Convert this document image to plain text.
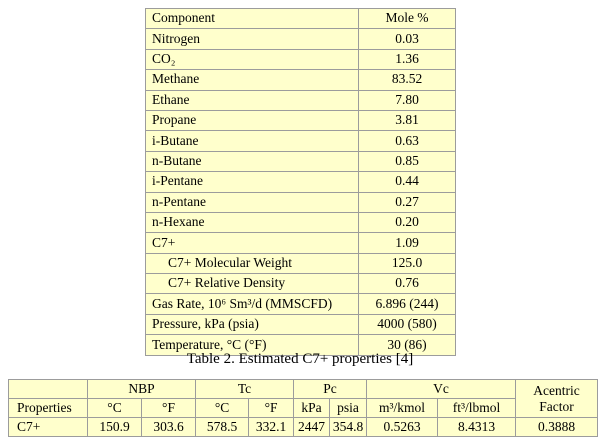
Component	Mole %
Nitrogen	0.03
CO₂	1.36
Methane	83.52
Ethane	7.80
Propane	3.81
i-Butane	0.63
n-Butane	0.85
i-Pentane	0.44
n-Pentane	0.27
n-Hexane	0.20
C7+	1.09
C7+ Molecular Weight	125.0
C7+ Relative Density	0.76
Gas Rate, 10⁶ Sm³/d (MMSCFD)	6.896 (244)
Pressure, kPa (psia)	4000 (580)
Temperature, °C (°F)	30 (86)
Table 2. Estimated C7+ properties [4]
	NBP		Tc		Pc		Vc		Acentric Factor
Properties	°C	°F	°C	°F	kPa	psia	m³/kmol	ft³/lbmol	
C7+	150.9	303.6	578.5	332.1	2447	354.8	0.5263	8.4313	0.3888
